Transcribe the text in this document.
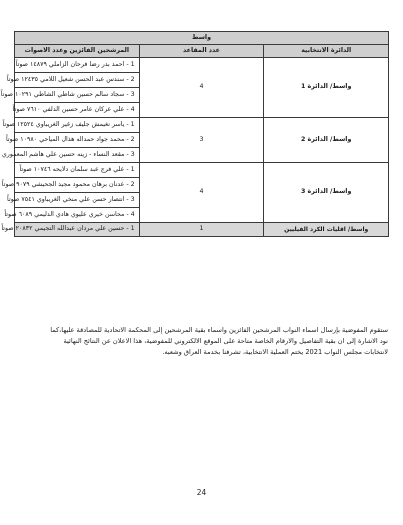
واسط		
الدائرة الانتخابية	عدد المقاعد	المرشحين الفائزين وعدد الاصوات
واسط/ الدائرة 1	4	1 - احمد بدر رضا فرحان الزاملي ١٤٨٧٩ صوتاً
		2 - سندس عبد الحسن شعيل اللامي ١٢٤٣٥ صوتاً
		3 - سجاد سالم حسين شاطي الشاطي ١٠٢٩١ صوتاً
		4 - علي عركان عامر حسين الدلفي ٧٦١٠ صوتاً
واسط/ الدائرة 2	3	1 - ياسر نغيمش جليف زغير الغريباوي ١٢٥٢٤ صوتاً
		2 - محمد جواد حمداله هذال المياحي ١٠٩٨٠ صوتاً
		3 - مقعد النساء - زينه حسين علي هاشم المعموري
واسط/ الدائرة 3	4	1 - علي فرج عبد سلمان دلايحه ١٠٧٤٦ صوتاً
		2 - عدنان برهان محمود مجيد الجحيشي ٩٠٧٩ صوتاً
		3 - انتصار حسن علي منخي الغريباوي ٧٥٤١ صوتاً
		4 - محاسن خيري عليوي هادي الدليمي ٦٠٨٩ صوتاً
واسط/ اقليات الكرد الفيليين	1	1 - حسين علي مردان عبدالله التجيمي ٢٠٨٣٢ صوتاً

ستقوم المفوضية بإرسال اسماء النواب المرشحين الفائزين واسماء بقية المرشحين إلى المحكمة الاتحادية للمصادقة عليها،كما

نود الاشارة إلى ان بقية التفاصيل والارقام الخاصة متاحة على الموقع الالكتروني للمفوضية، هذا الاعلان عن النتائج النهائية

لانتخابات مجلس النواب 2021 يختم العملية الانتخابية، تشرفنا بخدمة العراق وشعبه.

24
